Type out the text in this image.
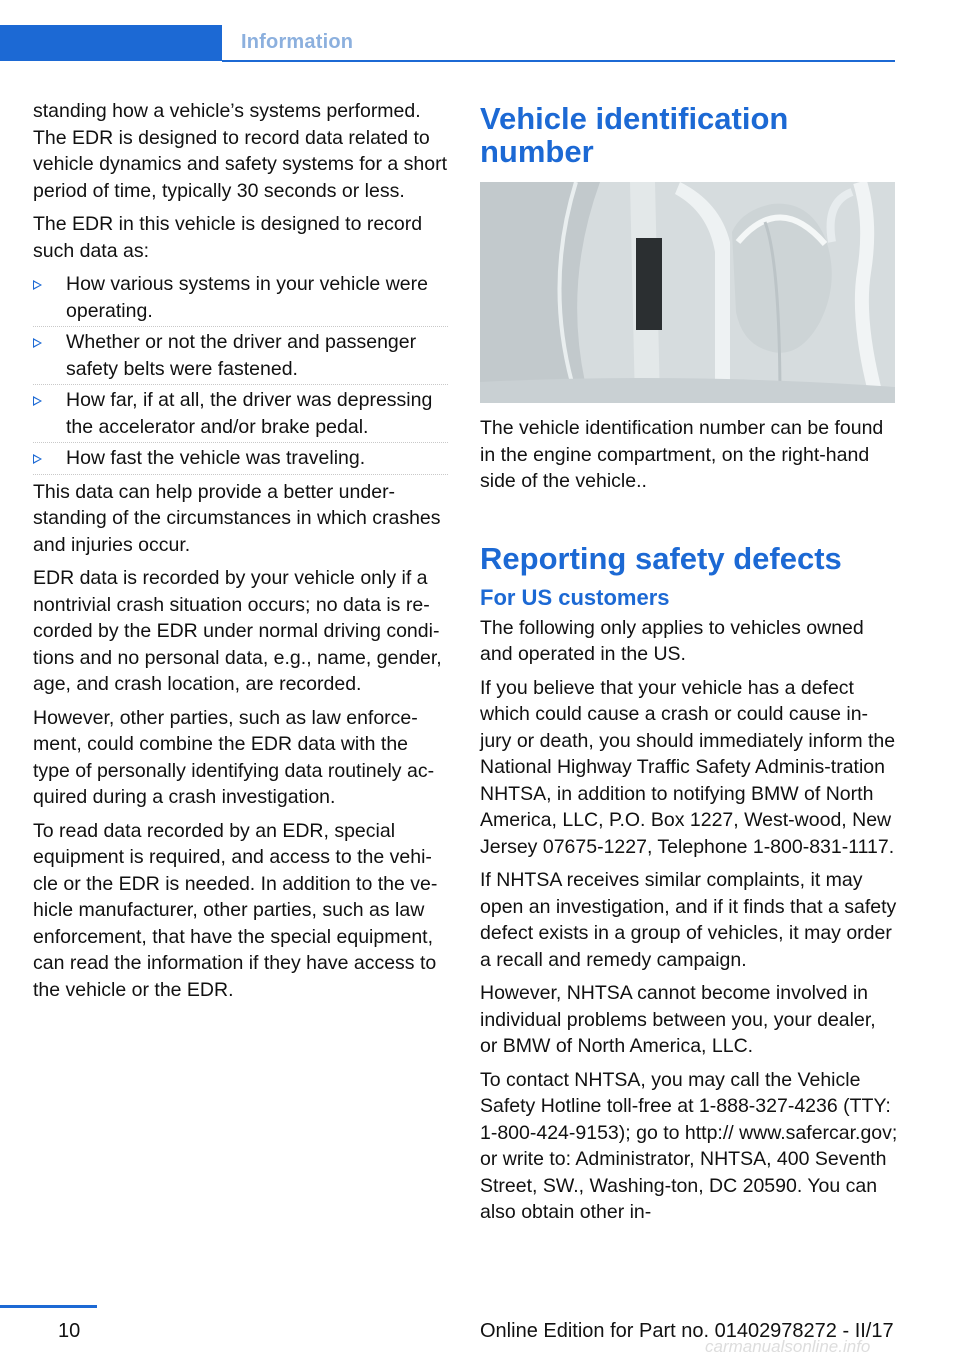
Information

standing how a vehicle’s systems performed. The EDR is designed to record data related to vehicle dynamics and safety systems for a short period of time, typically 30 seconds or less.

The EDR in this vehicle is designed to record such data as:

How various systems in your vehicle were operating.
Whether or not the driver and passenger safety belts were fastened.
How far, if at all, the driver was depressing the accelerator and/or brake pedal.
How fast the vehicle was traveling.

This data can help provide a better under‐standing of the circumstances in which crashes and injuries occur.

EDR data is recorded by your vehicle only if a nontrivial crash situation occurs; no data is re‐corded by the EDR under normal driving condi‐tions and no personal data, e.g., name, gender, age, and crash location, are recorded.

However, other parties, such as law enforce‐ment, could combine the EDR data with the type of personally identifying data routinely ac‐quired during a crash investigation.

To read data recorded by an EDR, special equipment is required, and access to the vehi‐cle or the EDR is needed. In addition to the ve‐hicle manufacturer, other parties, such as law enforcement, that have the special equipment, can read the information if they have access to the vehicle or the EDR.

Vehicle identification number

The vehicle identification number can be found in the engine compartment, on the right-hand side of the vehicle..

Reporting safety defects
For US customers

The following only applies to vehicles owned and operated in the US.

If you believe that your vehicle has a defect which could cause a crash or could cause in‐jury or death, you should immediately inform the National Highway Traffic Safety Adminis‐tration NHTSA, in addition to notifying BMW of North America, LLC, P.O. Box 1227, West‐wood, New Jersey 07675-1227, Telephone 1-800-831-1117.

If NHTSA receives similar complaints, it may open an investigation, and if it finds that a safety defect exists in a group of vehicles, it may order a recall and remedy campaign.

However, NHTSA cannot become involved in individual problems between you, your dealer, or BMW of North America, LLC.

To contact NHTSA, you may call the Vehicle Safety Hotline toll-free at 1-888-327-4236 (TTY: 1-800-424-9153); go to http:// www.safercar.gov; or write to: Administrator, NHTSA, 400 Seventh Street, SW., Washing‐ton, DC 20590. You can also obtain other in‐

10	Online Edition for Part no. 01402978272 - II/17
carmanualsonline.info
